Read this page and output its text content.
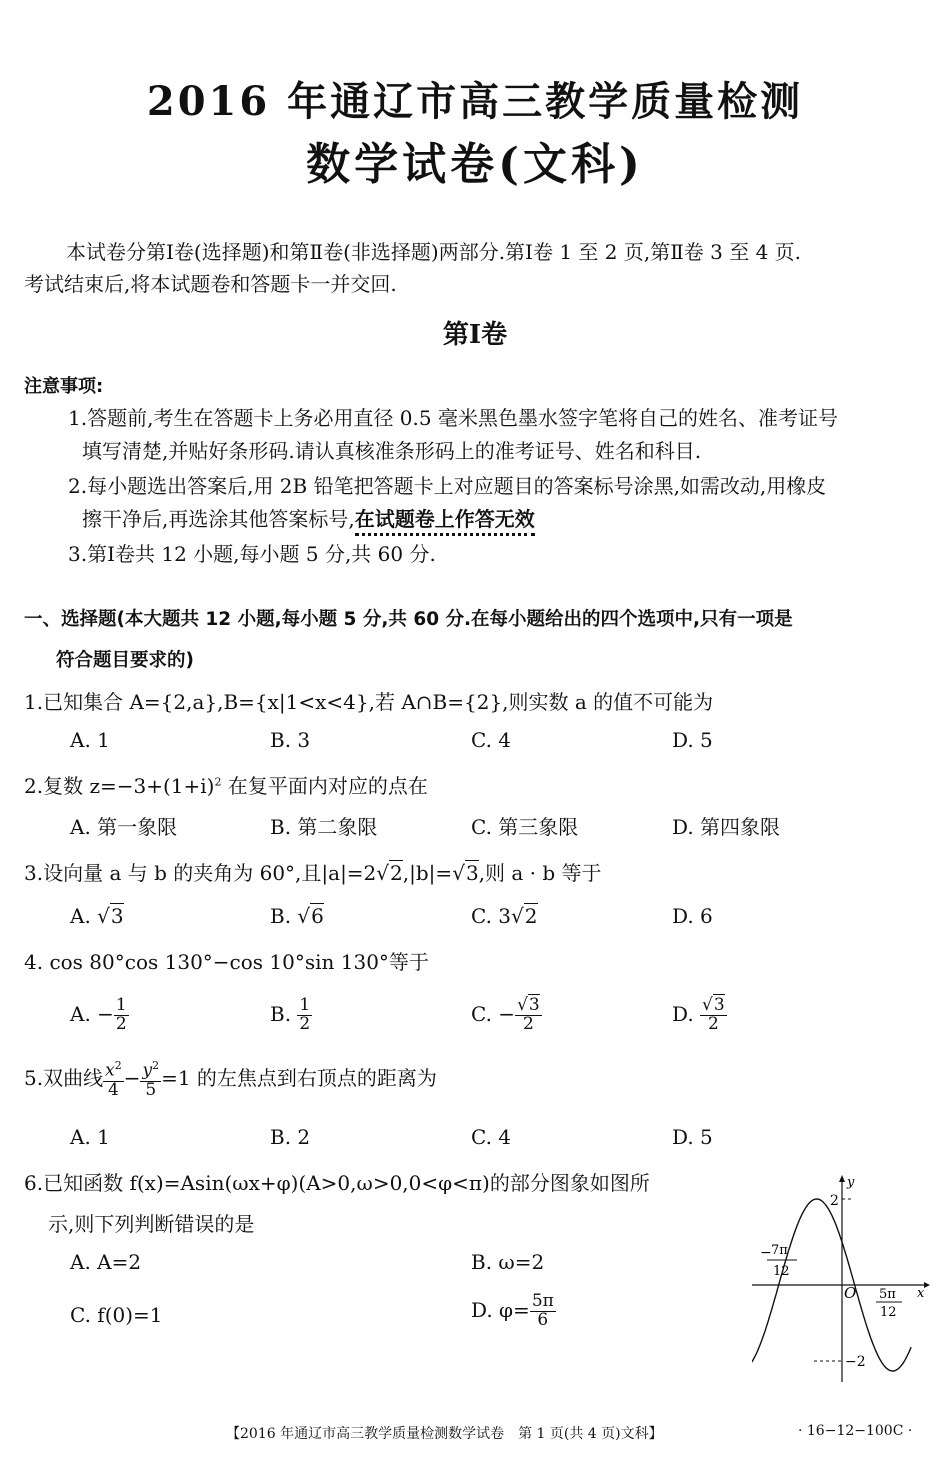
2016 年通辽市高三教学质量检测
数学试卷(文科)
本试卷分第Ⅰ卷(选择题)和第Ⅱ卷(非选择题)两部分.第Ⅰ卷 1 至 2 页,第Ⅱ卷 3 至 4 页.
考试结束后,将本试题卷和答题卡一并交回.
第Ⅰ卷
注意事项:
1.答题前,考生在答题卡上务必用直径 0.5 毫米黑色墨水签字笔将自己的姓名、准考证号
填写清楚,并贴好条形码.请认真核准条形码上的准考证号、姓名和科目.
2.每小题选出答案后,用 2B 铅笔把答题卡上对应题目的答案标号涂黑,如需改动,用橡皮
擦干净后,再选涂其他答案标号,在试题卷上作答无效
3.第Ⅰ卷共 12 小题,每小题 5 分,共 60 分.
一、选择题(本大题共 12 小题,每小题 5 分,共 60 分.在每小题给出的四个选项中,只有一项是
符合题目要求的)
1.已知集合 A={2,a},B={x|1<x<4},若 A∩B={2},则实数 a 的值不可能为
A. 1	B. 3	C. 4	D. 5
2.复数 $z=-3+(1+i)^2$ 在复平面内对应的点在
A. 第一象限	B. 第二象限	C. 第三象限	D. 第四象限
3.设向量 a 与 b 的夹角为 60°,且|a|=2√2,|b|=√3,则 a · b 等于
A. √3	B. √6	C. 3√2	D. 6
4. cos 80°cos 130°−cos 10°sin 130°等于
A. − $\frac{1}{2}$	B. $\frac{1}{2}$	C. − $\frac{√3}{2}$	D. $\frac{√3}{2}$
5.双曲线 $\frac{x^2}{4} - \frac{y^2}{5} =1$ 的左焦点到右顶点的距离为
A. 1	B. 2	C. 4	D. 5
6.已知函数 f(x)=Asin(ωx+φ)(A>0,ω>0,0<φ<π)的部分图象如图所
示,则下列判断错误的是
A. A=2	B. ω=2
C. f(0)=1	D. $\varphi= \frac{5\pi}{6}$
y
x
O
2
−2
− 7π
12
5π
12
【2016 年通辽市高三教学质量检测数学试卷　第 1 页(共 4 页)文科】	· 16−12−100C ·
